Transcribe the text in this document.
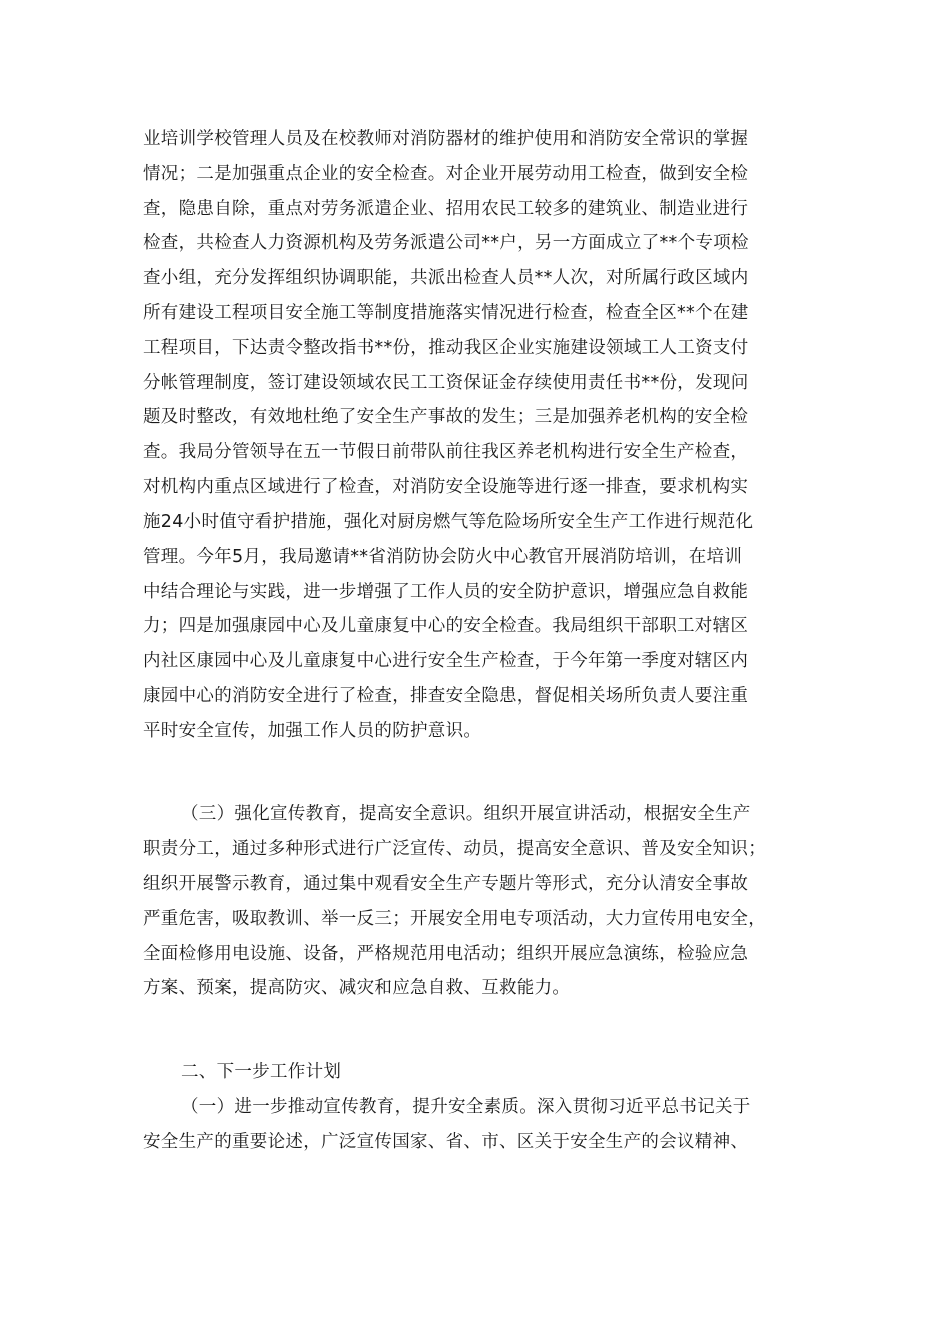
业培训学校管理人员及在校教师对消防器材的维护使用和消防安全常识的掌握
情况；二是加强重点企业的安全检查。对企业开展劳动用工检查，做到安全检
查，隐患自除，重点对劳务派遣企业、招用农民工较多的建筑业、制造业进行
检查，共检查人力资源机构及劳务派遣公司**户，另一方面成立了**个专项检
查小组，充分发挥组织协调职能，共派出检查人员**人次，对所属行政区域内
所有建设工程项目安全施工等制度措施落实情况进行检查，检查全区**个在建
工程项目，下达责令整改指书**份，推动我区企业实施建设领域工人工资支付
分帐管理制度，签订建设领域农民工工资保证金存续使用责任书**份，发现问
题及时整改，有效地杜绝了安全生产事故的发生；三是加强养老机构的安全检
查。我局分管领导在五一节假日前带队前往我区养老机构进行安全生产检查，
对机构内重点区域进行了检查，对消防安全设施等进行逐一排查，要求机构实
施24小时值守看护措施，强化对厨房燃气等危险场所安全生产工作进行规范化
管理。今年5月，我局邀请**省消防协会防火中心教官开展消防培训，在培训
中结合理论与实践，进一步增强了工作人员的安全防护意识，增强应急自救能
力；四是加强康园中心及儿童康复中心的安全检查。我局组织干部职工对辖区
内社区康园中心及儿童康复中心进行安全生产检查，于今年第一季度对辖区内
康园中心的消防安全进行了检查，排查安全隐患，督促相关场所负责人要注重
平时安全宣传，加强工作人员的防护意识。
（三）强化宣传教育，提高安全意识。组织开展宣讲活动，根据安全生产
职责分工，通过多种形式进行广泛宣传、动员，提高安全意识、普及安全知识；
组织开展警示教育，通过集中观看安全生产专题片等形式，充分认清安全事故
严重危害，吸取教训、举一反三；开展安全用电专项活动，大力宣传用电安全，
全面检修用电设施、设备，严格规范用电活动；组织开展应急演练，检验应急
方案、预案，提高防灾、减灾和应急自救、互救能力。
二、下一步工作计划
（一）进一步推动宣传教育，提升安全素质。深入贯彻习近平总书记关于
安全生产的重要论述，广泛宣传国家、省、市、区关于安全生产的会议精神、
